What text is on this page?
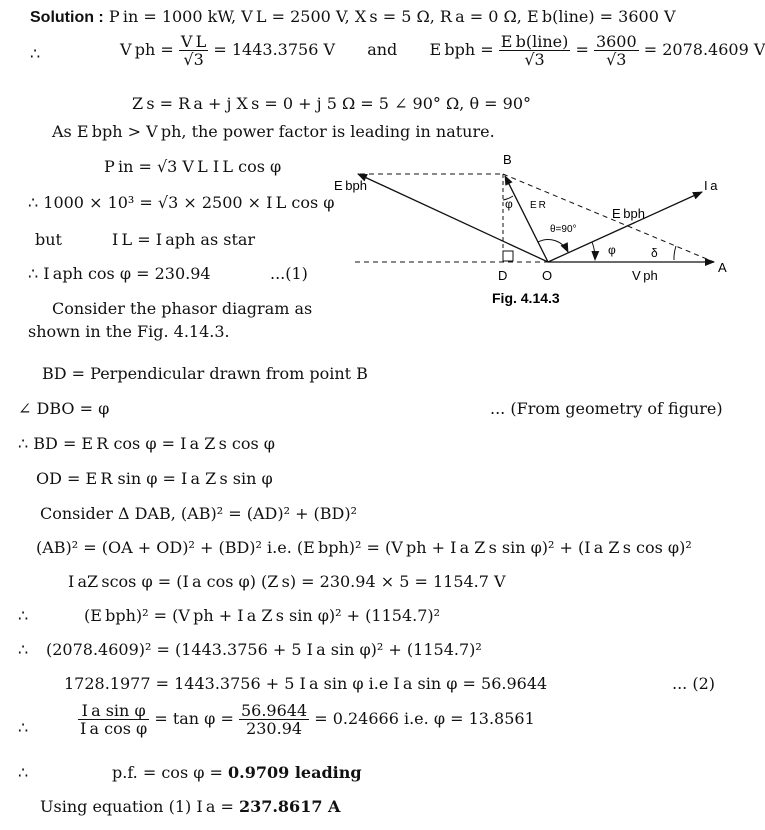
Solution : P in = 1000 kW, V L = 2500 V, X s = 5 Ω, R a = 0 Ω, E b(line) = 3600 V
∴	V ph = $\frac{\text{V L}}{√3} = 1443.3756$ V and E bph = $\frac{\text{E b(line)}}{√3} = \frac{3600}{√3} = 2078.4609$ V
Z s = R a + j X s = 0 + j 5 Ω = 5 ∠ 90° Ω, θ = 90°
As E bph > V ph, the power factor is leading in nature.
P in = √3 V L I L cos φ
∴ 1000 × 10³ = √3 × 2500 × I L cos φ
but	I L = I aph as star
∴ I aph cos φ = 230.94	...(1)
Consider the phasor diagram as
shown in the Fig. 4.14.3.
E bph
B
I a
E R
E bph
θ=90°
φ
φ	δ
D	O	V ph
A
Fig. 4.14.3
BD = Perpendicular drawn from point B
∠ DBO = φ	... (From geometry of figure)
∴ BD = E R cos φ = I a Z s cos φ
OD = E R sin φ = I a Z s sin φ
Consider Δ DAB, (AB)² = (AD)² + (BD)²
(AB)² = (OA + OD)² + (BD)² i.e. (E bph)² = (V ph + I a Z s sin φ)² + (I a Z s cos φ)²
I aZ scos φ = (I a cos φ) (Z s) = 230.94 × 5 = 1154.7 V
∴	(E bph)² = (V ph + I a Z s sin φ)² + (1154.7)²
∴ (2078.4609)² = (1443.3756 + 5 I a sin φ)² + (1154.7)²
1728.1977 = 1443.3756 + 5 I a sin φ i.e I a sin φ = 56.9644	... (2)
∴	$\frac{\text{I a sin φ}}{\text{I a cos φ}} = \tan \varphi = \frac{56.9644}{230.94} = 0.24666$ i.e. φ = 13.8561
∴	p.f. = cos φ = 0.9709 leading
Using equation (1) I a = 237.8617 A
